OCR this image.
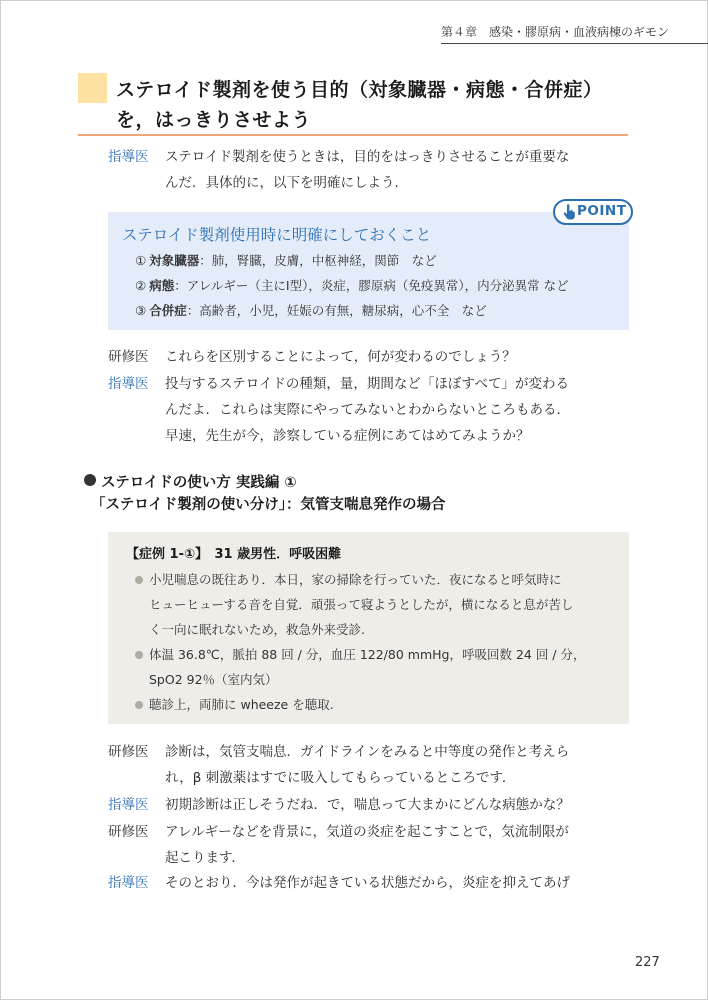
第４章　感染・膠原病・血液病棟のギモン
ステロイド製剤を使う目的（対象臓器・病態・合併症）
を，はっきりさせよう
指導医 ステロイド製剤を使うときは，目的をはっきりさせることが重要な
んだ．具体的に，以下を明確にしよう．
POINT
ステロイド製剤使用時に明確にしておくこと
① 対象臓器：肺，腎臓，皮膚，中枢神経，関節　など
② 病態：アレルギー（主にⅠ型），炎症，膠原病（免疫異常），内分泌異常 など
③ 合併症：高齢者，小児，妊娠の有無，糖尿病，心不全　など
研修医 これらを区別することによって，何が変わるのでしょう？
指導医 投与するステロイドの種類，量，期間など「ほぼすべて」が変わる
んだよ．これらは実際にやってみないとわからないところもある．
早速，先生が今，診察している症例にあてはめてみようか？
ステロイドの使い方 実践編 ①
「ステロイド製剤の使い分け」：気管支喘息発作の場合
【症例 1-①】　31 歳男性．呼吸困難
小児喘息の既往あり．本日，家の掃除を行っていた．夜になると呼気時に
ヒューヒューする音を自覚．頑張って寝ようとしたが，横になると息が苦し
く一向に眠れないため，救急外来受診.
体温 36.8℃，脈拍 88 回 / 分，血圧 122/80 mmHg，呼吸回数 24 回 / 分，
SpO2 92％（室内気）
聴診上，両肺に wheeze を聴取.
研修医 診断は，気管支喘息．ガイドラインをみると中等度の発作と考えら
れ，β 刺激薬はすでに吸入してもらっているところです．
指導医 初期診断は正しそうだね．で，喘息って大まかにどんな病態かな？
研修医 アレルギーなどを背景に，気道の炎症を起こすことで，気流制限が
起こります．
指導医 そのとおり．今は発作が起きている状態だから，炎症を抑えてあげ
227
